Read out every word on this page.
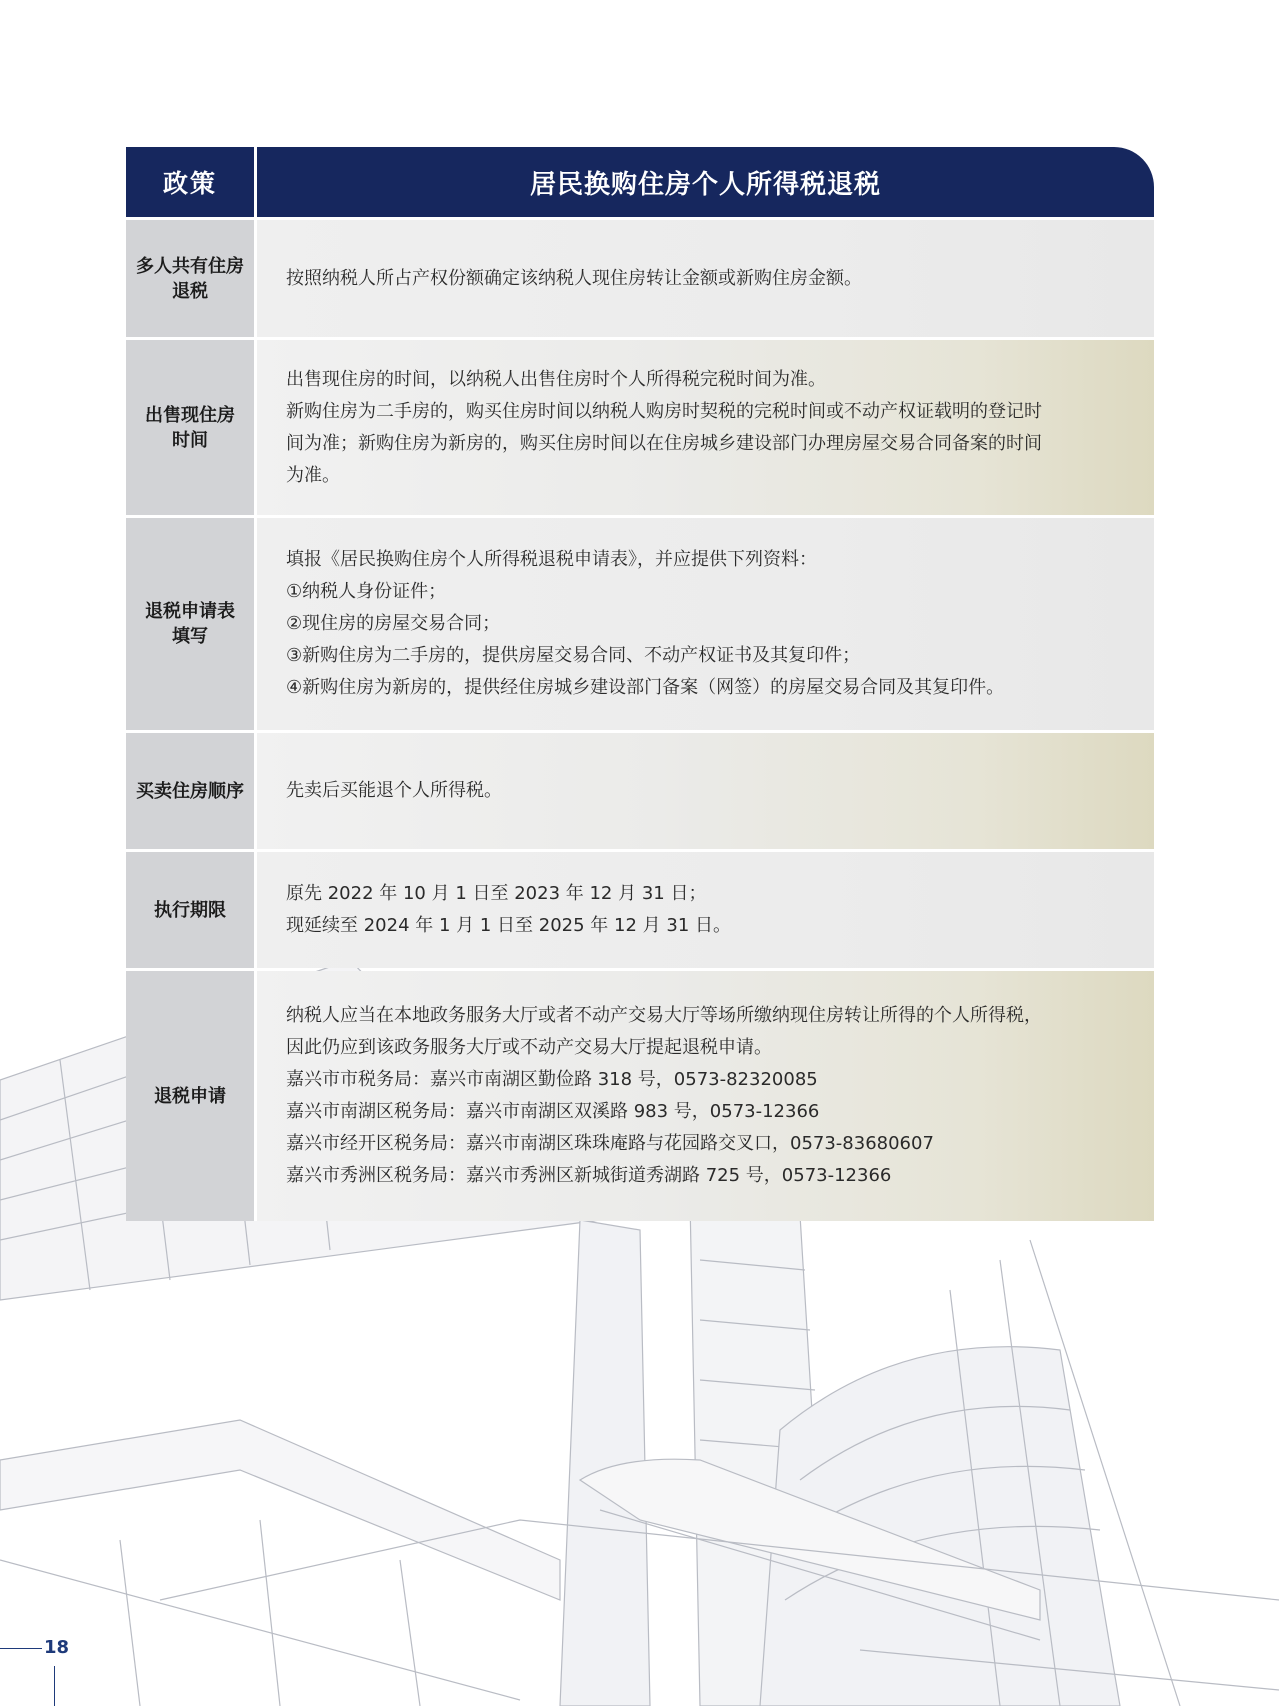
政策	居民换购住房个人所得税退税
多人共有住房
退税
按照纳税人所占产权份额确定该纳税人现住房转让金额或新购住房金额。
出售现住房
时间
出售现住房的时间，以纳税人出售住房时个人所得税完税时间为准。
新购住房为二手房的，购买住房时间以纳税人购房时契税的完税时间或不动产权证载明的登记时
间为准；新购住房为新房的，购买住房时间以在住房城乡建设部门办理房屋交易合同备案的时间
为准。
退税申请表
填写
填报《居民换购住房个人所得税退税申请表》，并应提供下列资料：
①纳税人身份证件；
②现住房的房屋交易合同；
③新购住房为二手房的，提供房屋交易合同、不动产权证书及其复印件；
④新购住房为新房的，提供经住房城乡建设部门备案（网签）的房屋交易合同及其复印件。
买卖住房顺序 先卖后买能退个人所得税。
执行期限
原先 2022 年 10 月 1 日至 2023 年 12 月 31 日；
现延续至 2024 年 1 月 1 日至 2025 年 12 月 31 日。
退税申请
纳税人应当在本地政务服务大厅或者不动产交易大厅等场所缴纳现住房转让所得的个人所得税，
因此仍应到该政务服务大厅或不动产交易大厅提起退税申请。
嘉兴市市税务局：嘉兴市南湖区勤俭路 318 号，0573-82320085
嘉兴市南湖区税务局：嘉兴市南湖区双溪路 983 号，0573-12366
嘉兴市经开区税务局：嘉兴市南湖区珠珠庵路与花园路交叉口，0573-83680607
嘉兴市秀洲区税务局：嘉兴市秀洲区新城街道秀湖路 725 号，0573-12366
18
